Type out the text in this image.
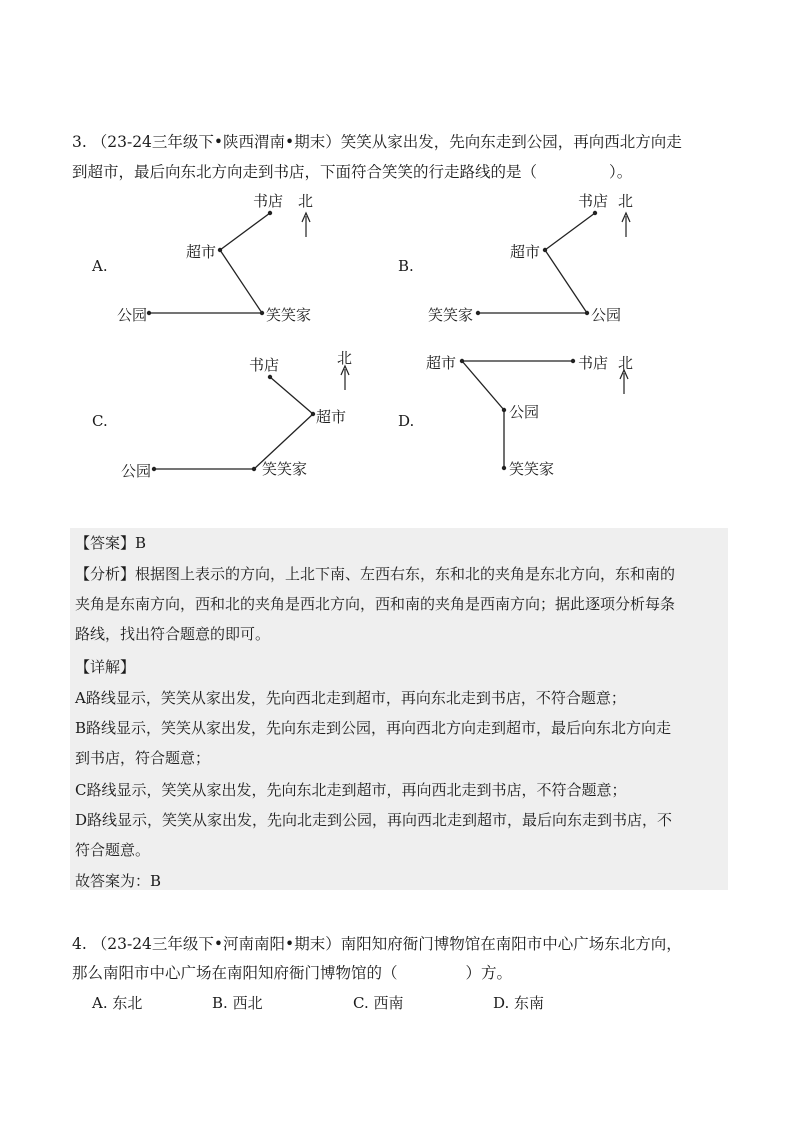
3. （23-24三年级下•陕西渭南•期末）笑笑从家出发，先向东走到公园，再向西北方向走
到超市，最后向东北方向走到书店，下面符合笑笑的行走路线的是（	）。
A.
书店 北
超市
公园	笑笑家
B.
书店 北
超市
笑笑家	公园
C.
书店	北
超市
公园	笑笑家
D.
超市	书店 北
公园
笑笑家
【答案】B
【分析】根据图上表示的方向，上北下南、左西右东，东和北的夹角是东北方向，东和南的
夹角是东南方向，西和北的夹角是西北方向，西和南的夹角是西南方向；据此逐项分析每条
路线，找出符合题意的即可。
【详解】
A路线显示，笑笑从家出发，先向西北走到超市，再向东北走到书店，不符合题意；
B路线显示，笑笑从家出发，先向东走到公园，再向西北方向走到超市，最后向东北方向走
到书店，符合题意；
C路线显示，笑笑从家出发，先向东北走到超市，再向西北走到书店，不符合题意；
D路线显示，笑笑从家出发，先向北走到公园，再向西北走到超市，最后向东走到书店，不
符合题意。
故答案为：B
4. （23-24三年级下•河南南阳•期末）南阳知府衙门博物馆在南阳市中心广场东北方向，
那么南阳市中心广场在南阳知府衙门博物馆的（	）方。
A. 东北	B. 西北	C. 西南	D. 东南
